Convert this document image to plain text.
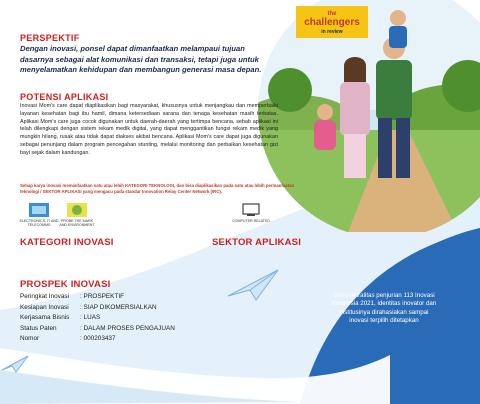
the
challengers
in review
PERSPEKTIF
Dengan inovasi, ponsel dapat dimanfaatkan melampaui tujuan dasarnya sebagai alat komunikasi dan transaksi, tetapi juga untuk menyelamatkan kehidupan dan membangun generasi masa depan.
POTENSI APLIKASI
Inovasi Mom's care dapat diaplikasikan bagi masyarakat, khususnya untuk menjangkau dan memperbaiki layanan kesehatan bagi ibu hamil, dimana ketersediaan sarana dan tenaga kesehatan masih terbatas. Aplikasi Mom's care juga cocok digunakan untuk daerah-daerah yang tertimpa bencana, sebab aplikasi ini telah dilengkapi dengan sistem rekam medik digital, yang dapat menggantikan fungsi rekam medik yang mungkin hilang, rusak atau tidak dapat diakses akibat bencana. Aplikasi Mom's care dapat juga digunakan sebagai penunjang dalam program pencegahan stunting, melalui monitoring dan perbaikan kesehatan gizi bayi sejak dalam kandungan.
Setiap karya inovasi memanfaatkan satu atau lebih KATEGORI TEKNOLOGI, dan bisa diaplikasikan pada satu atau lebih permanfaatan teknologi / SEKTOR APLIKASI yang mengacu pada standar Innovation Relay Center Network (IRC).
ELECTRONICS, IT AND TELECOMMS
PROBE THE MARK AND ENVIRONMENT
COMPUTER RELATED
KATEGORI INOVASI	SEKTOR APLIKASI
PROSPEK INOVASI
Peringkat Inovasi	: PROSPEKTIF
Kesiapan Inovasi	: SIAP DIKOMERSIALKAN
Kerjasama Bisnis	: LUAS
Status Paten	: DALAM PROSES PENGAJUAN
Nomor	: 000203437
Demi netralitas penjurian 113 Inovasi Indonesia 2021, identitas inovator dan institusinya dirahasiakan sampai inovasi terpilih ditetapkan
